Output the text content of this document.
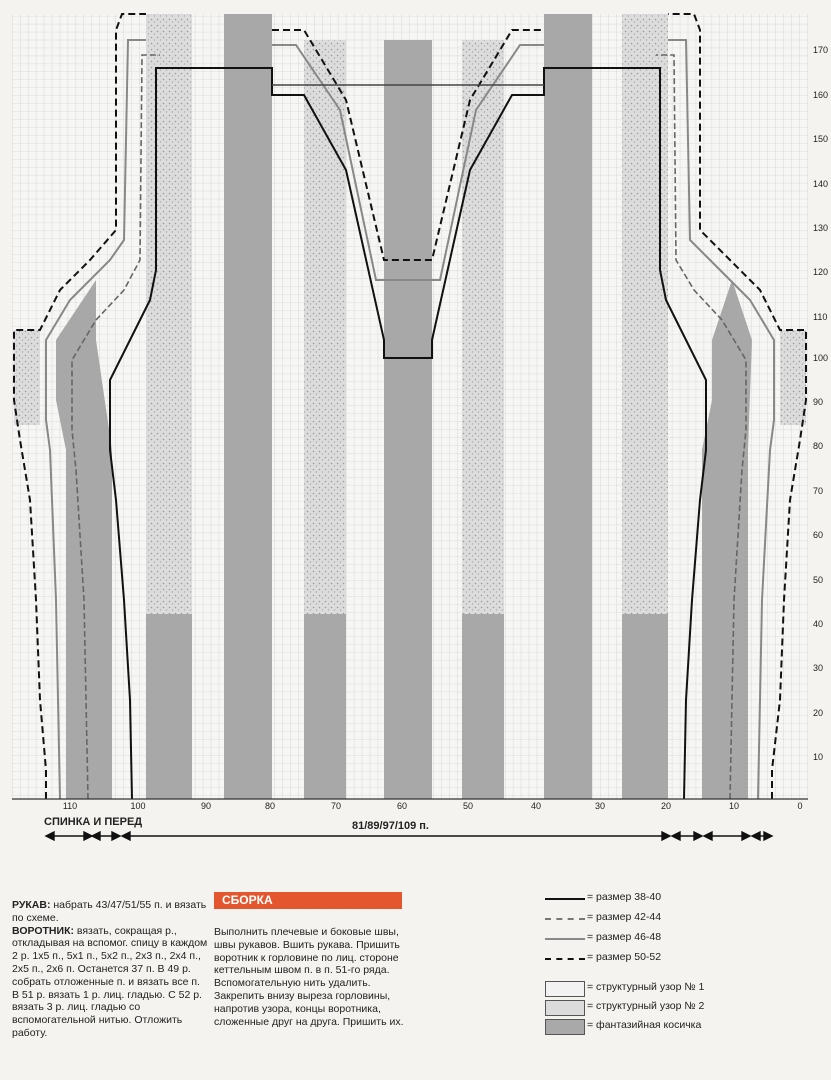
170
160
150
140
130
120
110
100
90
80
70
60
50
40
30
20
10
110	100	90	80	70	60	50	40	30	20	10	0
СПИНКА И ПЕРЕД	81/89/97/109 п.

РУКАВ: набрать 43/47/51/55 п. и вязать по схеме.

ВОРОТНИК: вязать, сокращая р., откладывая на вспомог. спицу в каждом 2 р. 1x5 п., 5x1 п., 5x2 п., 2x3 п., 2x4 п., 2x5 п., 2x6 п. Останется 37 п. В 49 р. собрать отложенные п. и вязать все п. В 51 р. вязать 1 р. лиц. гладью. С 52 р. вязать 3 р. лиц. гладью со вспомогательной нитью. Отложить работу.

СБОРКА
Выполнить плечевые и боковые швы, швы рукавов. Вшить рукава. Пришить воротник к горловине по лиц. стороне кеттельным швом п. в п. 51-го ряда. Вспомогательную нить удалить. Закрепить внизу выреза горловины, напротив узора, концы воротника, сложенные друг на друга. Пришить их.
= размер 38-40
= размер 42-44
= размер 46-48
= размер 50-52
= структурный узор № 1
= структурный узор № 2
= фантазийная косичка
